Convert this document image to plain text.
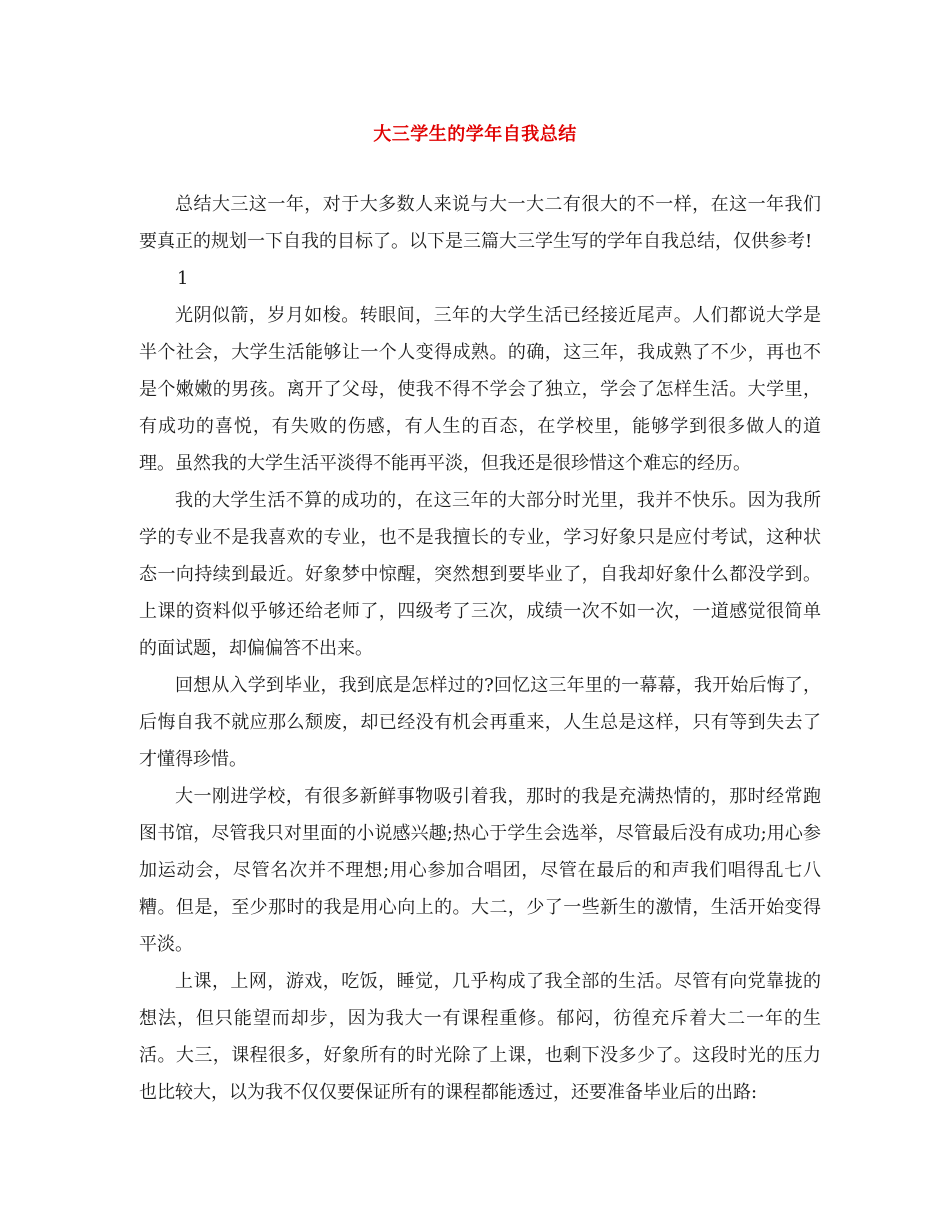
大三学生的学年自我总结

总结大三这一年，对于大多数人来说与大一大二有很大的不一样，在这一年我们要真正的规划一下自我的目标了。以下是三篇大三学生写的学年自我总结，仅供参考!

1

光阴似箭，岁月如梭。转眼间，三年的大学生活已经接近尾声。人们都说大学是半个社会，大学生活能够让一个人变得成熟。的确，这三年，我成熟了不少，再也不是个嫩嫩的男孩。离开了父母，使我不得不学会了独立，学会了怎样生活。大学里，有成功的喜悦，有失败的伤感，有人生的百态，在学校里，能够学到很多做人的道理。虽然我的大学生活平淡得不能再平淡，但我还是很珍惜这个难忘的经历。

我的大学生活不算的成功的，在这三年的大部分时光里，我并不快乐。因为我所学的专业不是我喜欢的专业，也不是我擅长的专业，学习好象只是应付考试，这种状态一向持续到最近。好象梦中惊醒，突然想到要毕业了，自我却好象什么都没学到。上课的资料似乎够还给老师了，四级考了三次，成绩一次不如一次，一道感觉很简单的面试题，却偏偏答不出来。

回想从入学到毕业，我到底是怎样过的?回忆这三年里的一幕幕，我开始后悔了，后悔自我不就应那么颓废，却已经没有机会再重来，人生总是这样，只有等到失去了才懂得珍惜。

大一刚进学校，有很多新鲜事物吸引着我，那时的我是充满热情的，那时经常跑图书馆，尽管我只对里面的小说感兴趣;热心于学生会选举，尽管最后没有成功;用心参加运动会，尽管名次并不理想;用心参加合唱团，尽管在最后的和声我们唱得乱七八糟。但是，至少那时的我是用心向上的。大二，少了一些新生的激情，生活开始变得平淡。

上课，上网，游戏，吃饭，睡觉，几乎构成了我全部的生活。尽管有向党靠拢的想法，但只能望而却步，因为我大一有课程重修。郁闷，彷徨充斥着大二一年的生活。大三，课程很多，好象所有的时光除了上课，也剩下没多少了。这段时光的压力也比较大，以为我不仅仅要保证所有的课程都能透过，还要准备毕业后的出路:
